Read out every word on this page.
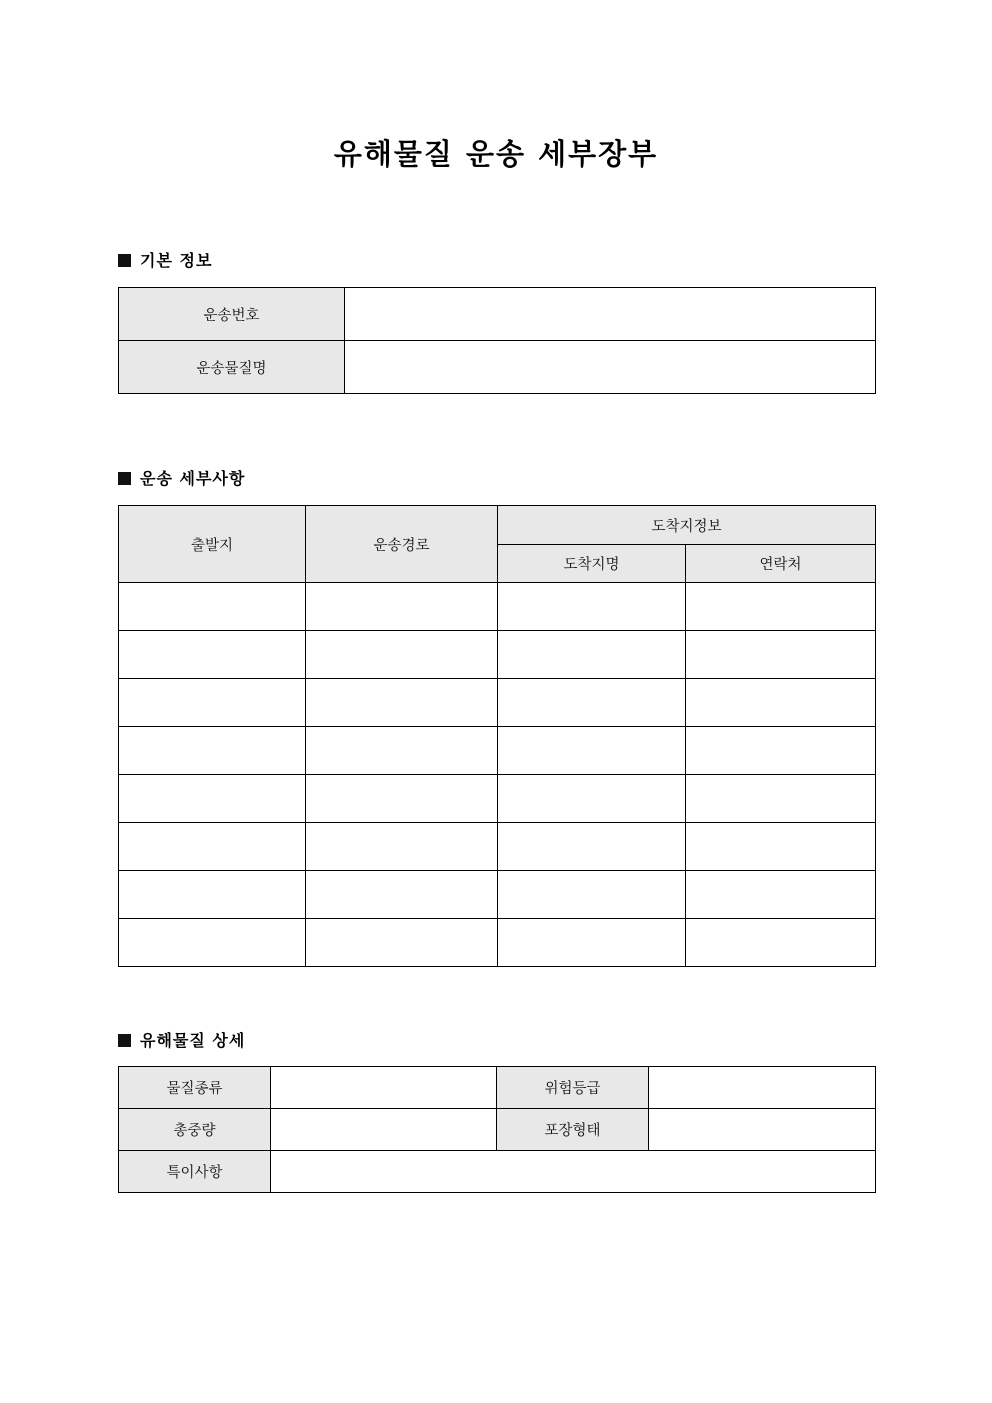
유해물질 운송 세부장부
기본 정보
운송번호	
운송물질명	
운송 세부사항
출발지	운송경로	도착지정보	
		도착지명	연락처

유해물질 상세
물질종류		위험등급	
총중량		포장형태	
특이사항			
